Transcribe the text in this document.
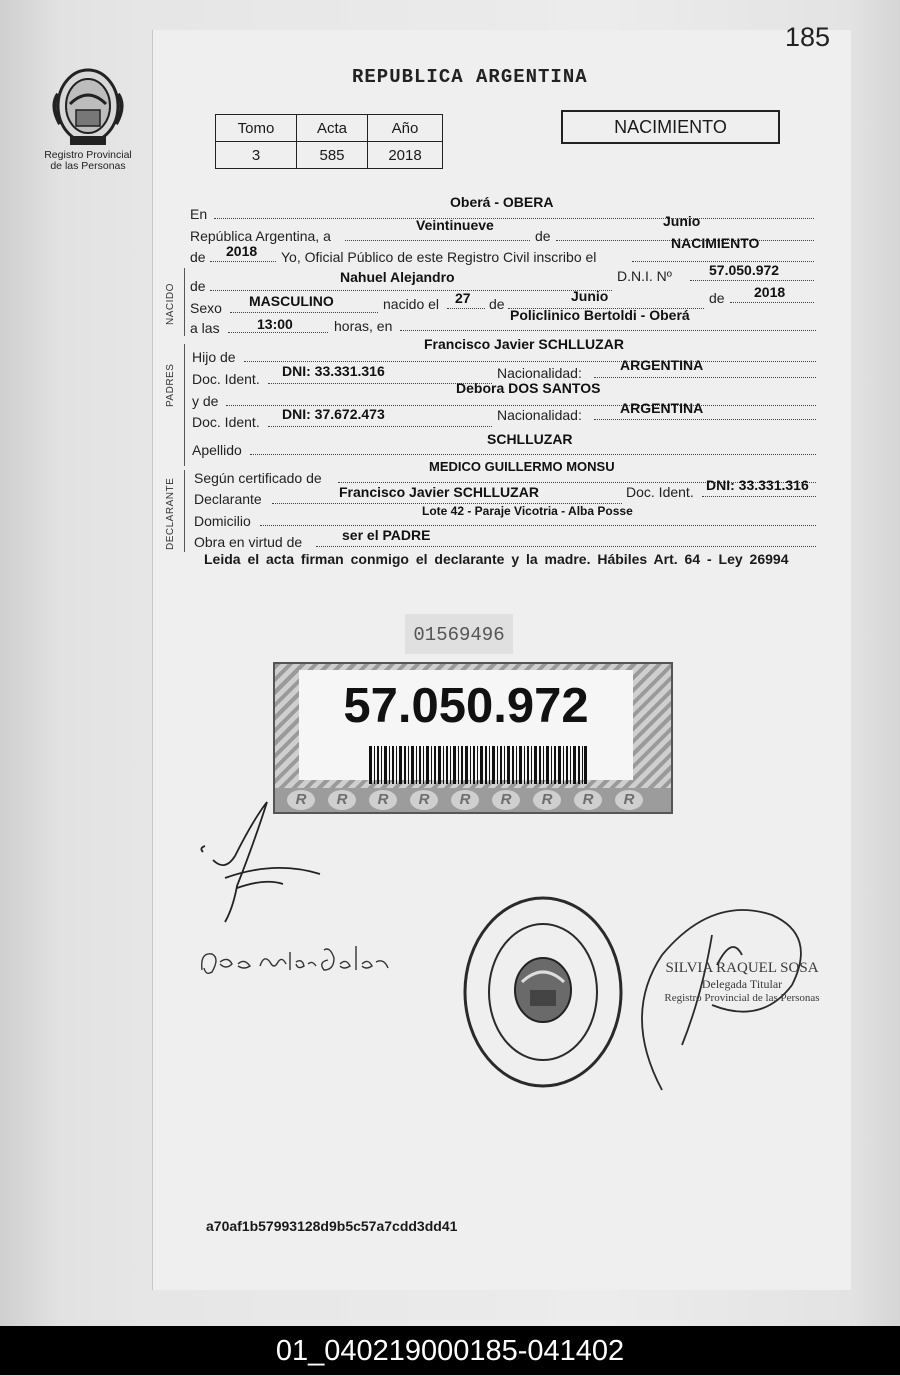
185
Registro Provincial
de las Personas
REPUBLICA ARGENTINA
Tomo	Acta	Año
3	585	2018
NACIMIENTO
NACIDO
PADRES
DECLARANTE
En
Oberá - OBERA
República Argentina, a
Veintinueve
de
Junio
de 2018 Yo, Oficial Público de este Registro Civil inscribo el
NACIMIENTO
de
Nahuel Alejandro	D.N.I. Nº	57.050.972
Sexo MASCULINO	nacido el 27 de	Junio	de 2018
a las	13:00	horas, en
Policlinico Bertoldi - Oberá
Hijo de
Francisco Javier SCHLLUZAR
Doc. Ident. DNI: 33.331.316	Nacionalidad:	ARGENTINA
y de
Debora DOS SANTOS
Doc. Ident. DNI: 37.672.473	Nacionalidad:	ARGENTINA
Apellido
SCHLLUZAR
Según certificado de
MEDICO GUILLERMO MONSU
Declarante	Francisco Javier SCHLLUZAR	Doc. Ident. DNI: 33.331.316
Domicilio
Lote 42 - Paraje Vicotria - Alba Posse
Obra en virtud de	ser el PADRE
Leida el acta firman conmigo el declarante y la madre. Hábiles Art. 64 - Ley 26994
01569496
57.050.972
R R R R R R R R R
SILVIA RAQUEL SOSA
Delegada Titular
Registro Provincial de las Personas
a70af1b57993128d9b5c57a7cdd3dd41
01_040219000185-041402
